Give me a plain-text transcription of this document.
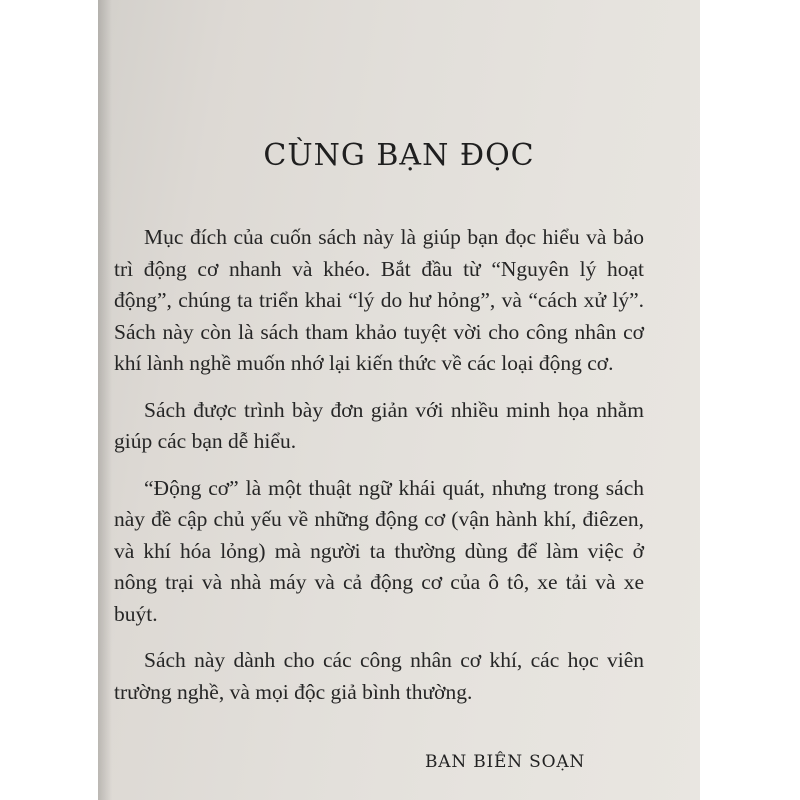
CÙNG BẠN ĐỌC

Mục đích của cuốn sách này là giúp bạn đọc hiểu và bảo trì động cơ nhanh và khéo. Bắt đầu từ “Nguyên lý hoạt động”, chúng ta triển khai “lý do hư hỏng”, và “cách xử lý”. Sách này còn là sách tham khảo tuyệt vời cho công nhân cơ khí lành nghề muốn nhớ lại kiến thức về các loại động cơ.

Sách được trình bày đơn giản với nhiều minh họa nhằm giúp các bạn dễ hiểu.

“Động cơ” là một thuật ngữ khái quát, nhưng trong sách này đề cập chủ yếu về những động cơ (vận hành khí, điêzen, và khí hóa lỏng) mà người ta thường dùng để làm việc ở nông trại và nhà máy và cả động cơ của ô tô, xe tải và xe buýt.

Sách này dành cho các công nhân cơ khí, các học viên trường nghề, và mọi độc giả bình thường.

BAN BIÊN SOẠN
